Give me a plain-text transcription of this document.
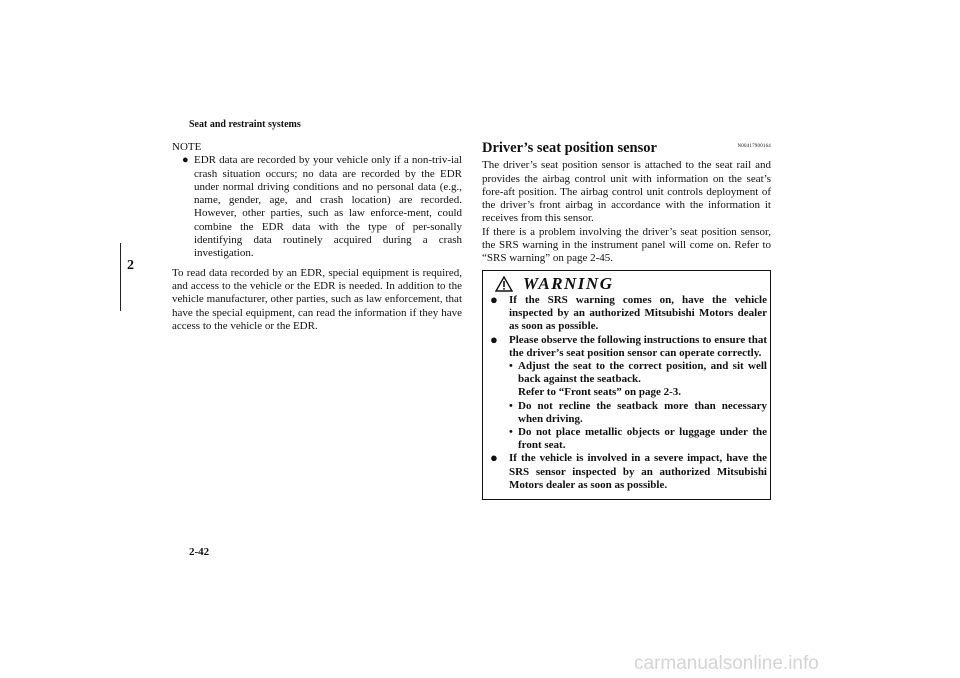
Seat and restraint systems
2
NOTE
● EDR data are recorded by your vehicle only if a non-triv-ial crash situation occurs; no data are recorded by the EDR under normal driving conditions and no personal data (e.g., name, gender, age, and crash location) are recorded. However, other parties, such as law enforce-ment, could combine the EDR data with the type of per-sonally identifying data routinely acquired during a crash investigation.
To read data recorded by an EDR, special equipment is required, and access to the vehicle or the EDR is needed. In addition to the vehicle manufacturer, other parties, such as law enforcement, that have the special equipment, can read the information if they have access to the vehicle or the EDR.
Driver’s seat position sensor	N00417900164

The driver’s seat position sensor is attached to the seat rail and provides the airbag control unit with information on the seat’s fore-aft position. The airbag control unit controls deployment of the driver’s front airbag in accordance with the information it receives from this sensor.

If there is a problem involving the driver’s seat position sensor, the SRS warning in the instrument panel will come on. Refer to “SRS warning” on page 2-45.

WARNING
● If the SRS warning comes on, have the vehicle inspected by an authorized Mitsubishi Motors dealer as soon as possible.
● Please observe the following instructions to ensure that the driver’s seat position sensor can operate correctly.
• Adjust the seat to the correct position, and sit well back against the seatback.
Refer to “Front seats” on page 2-3.
• Do not recline the seatback more than necessary when driving.
• Do not place metallic objects or luggage under the front seat.
● If the vehicle is involved in a severe impact, have the SRS sensor inspected by an authorized Mitsubishi Motors dealer as soon as possible.
2-42
carmanualsonline.info
